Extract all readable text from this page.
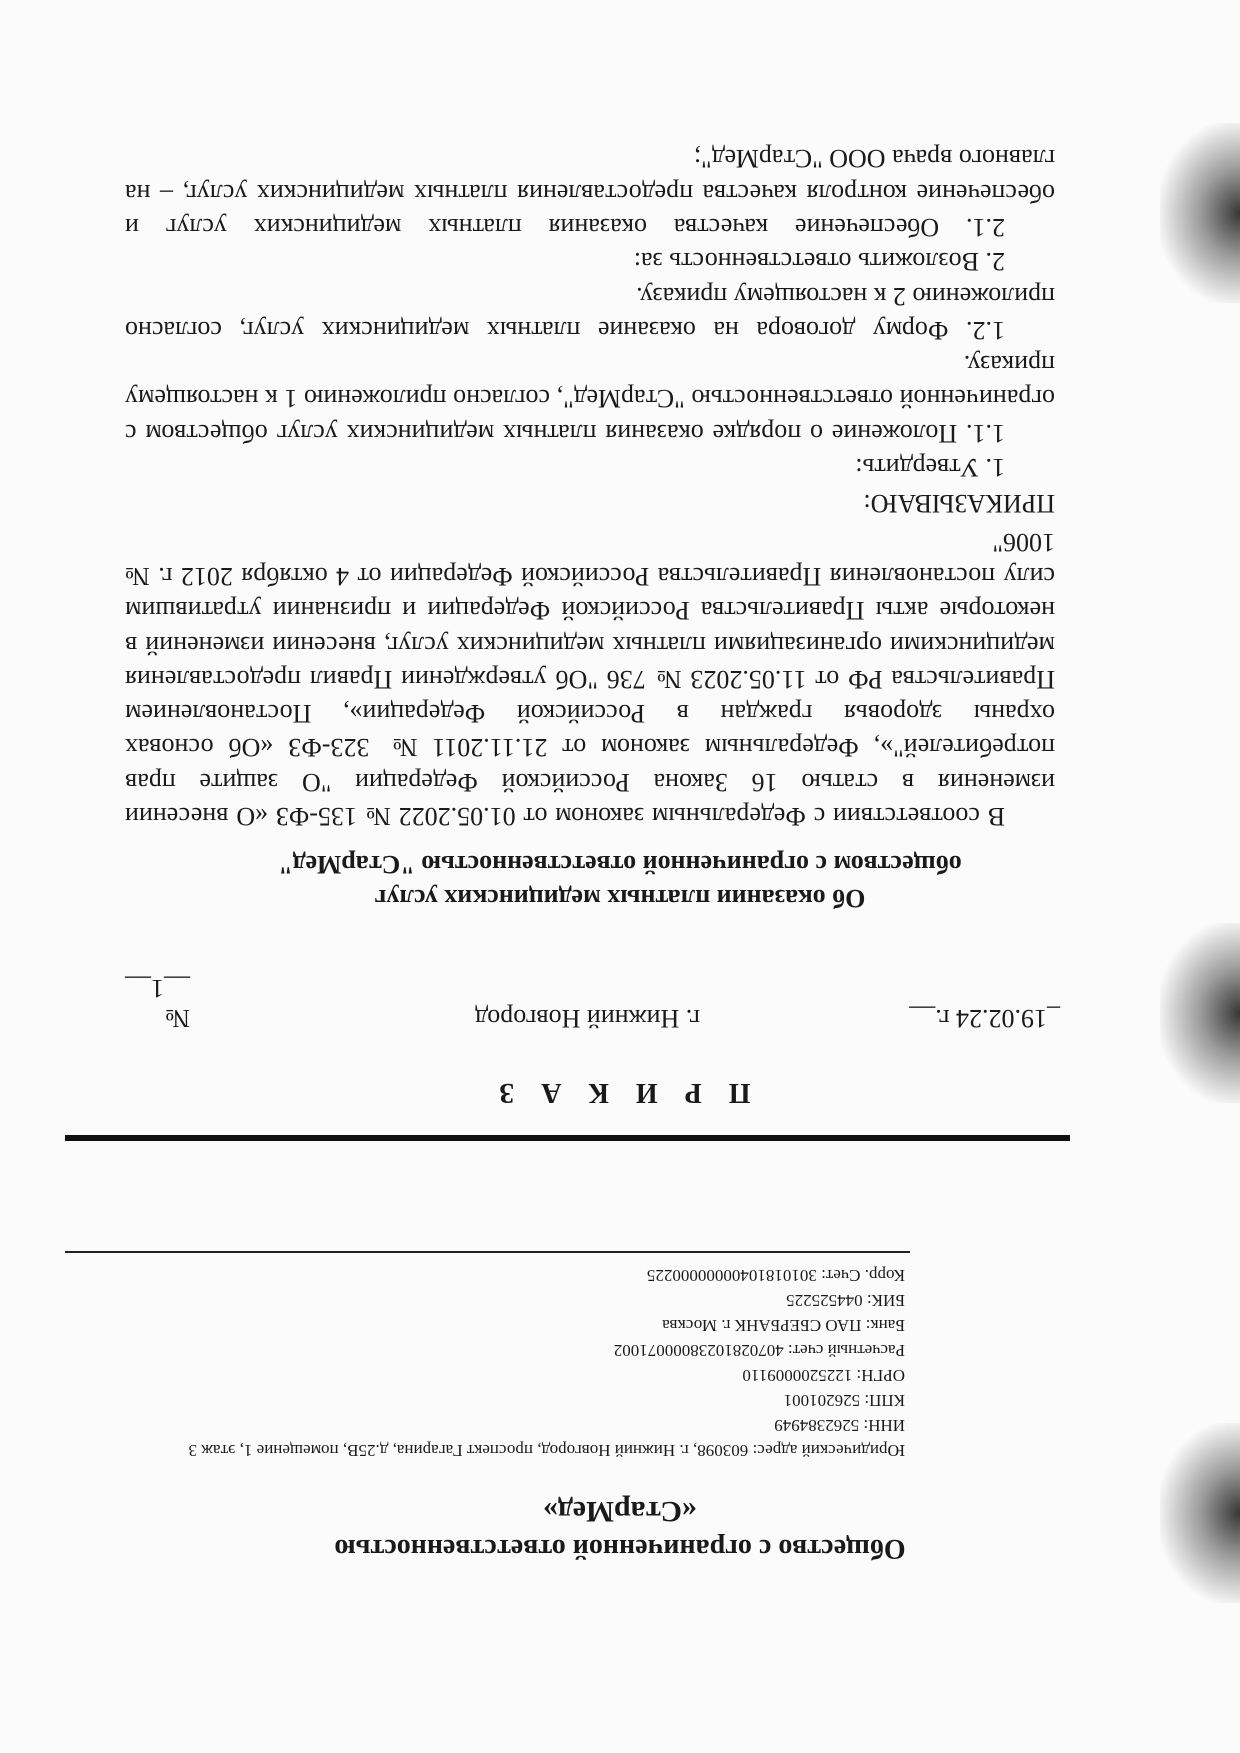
Общество с ограниченной ответственностью
«СтарМед»
Юридический адрес: 603098, г. Нижний Новгород, проспект Гагарина, д.25В, помещение 1, этаж 3
ИНН: 5262384949
КПП: 526201001
ОРГН: 1225200009110
Расчетный счет: 40702810238000071002
Банк: ПАО СБЕРБАНК г. Москва
БИК: 044525225
Корр. Счет: 30101810400000000225
П Р И К А З
_19.02.24 г.__
г. Нижний Новгород
№ __1__
Об оказании платных медицинских услуг
обществом с ограниченной ответственностью "СтарМед"

В соответствии с Федеральным законом от 01.05.2022 № 135-ФЗ «О внесении изменения в статью 16 Закона Российской Федерации "О защите прав потребителей"», Федеральным законом от 21.11.2011 № 323-ФЗ «Об основах охраны здоровья граждан в Российской Федерации», Постановлением Правительства РФ от 11.05.2023 № 736 "Об утверждении Правил предоставления медицинскими организациями платных медицинских услуг, внесении изменений в некоторые акты Правительства Российской Федерации и признании утратившим силу постановления Правительства Российской Федерации от 4 октября 2012 г. № 1006"

ПРИКАЗЫВАЮ:

1. Утвердить:

1.1. Положение о порядке оказания платных медицинских услуг обществом с ограниченной ответственностью "СтарМед", согласно приложению 1 к настоящему приказу.

1.2. Форму договора на оказание платных медицинских услуг, согласно приложению 2 к настоящему приказу.

2. Возложить ответственность за:

2.1. Обеспечение качества оказания платных медицинских услуг и обеспечение контроля качества предоставления платных медицинских услуг, – на главного врача ООО "СтарМед";
